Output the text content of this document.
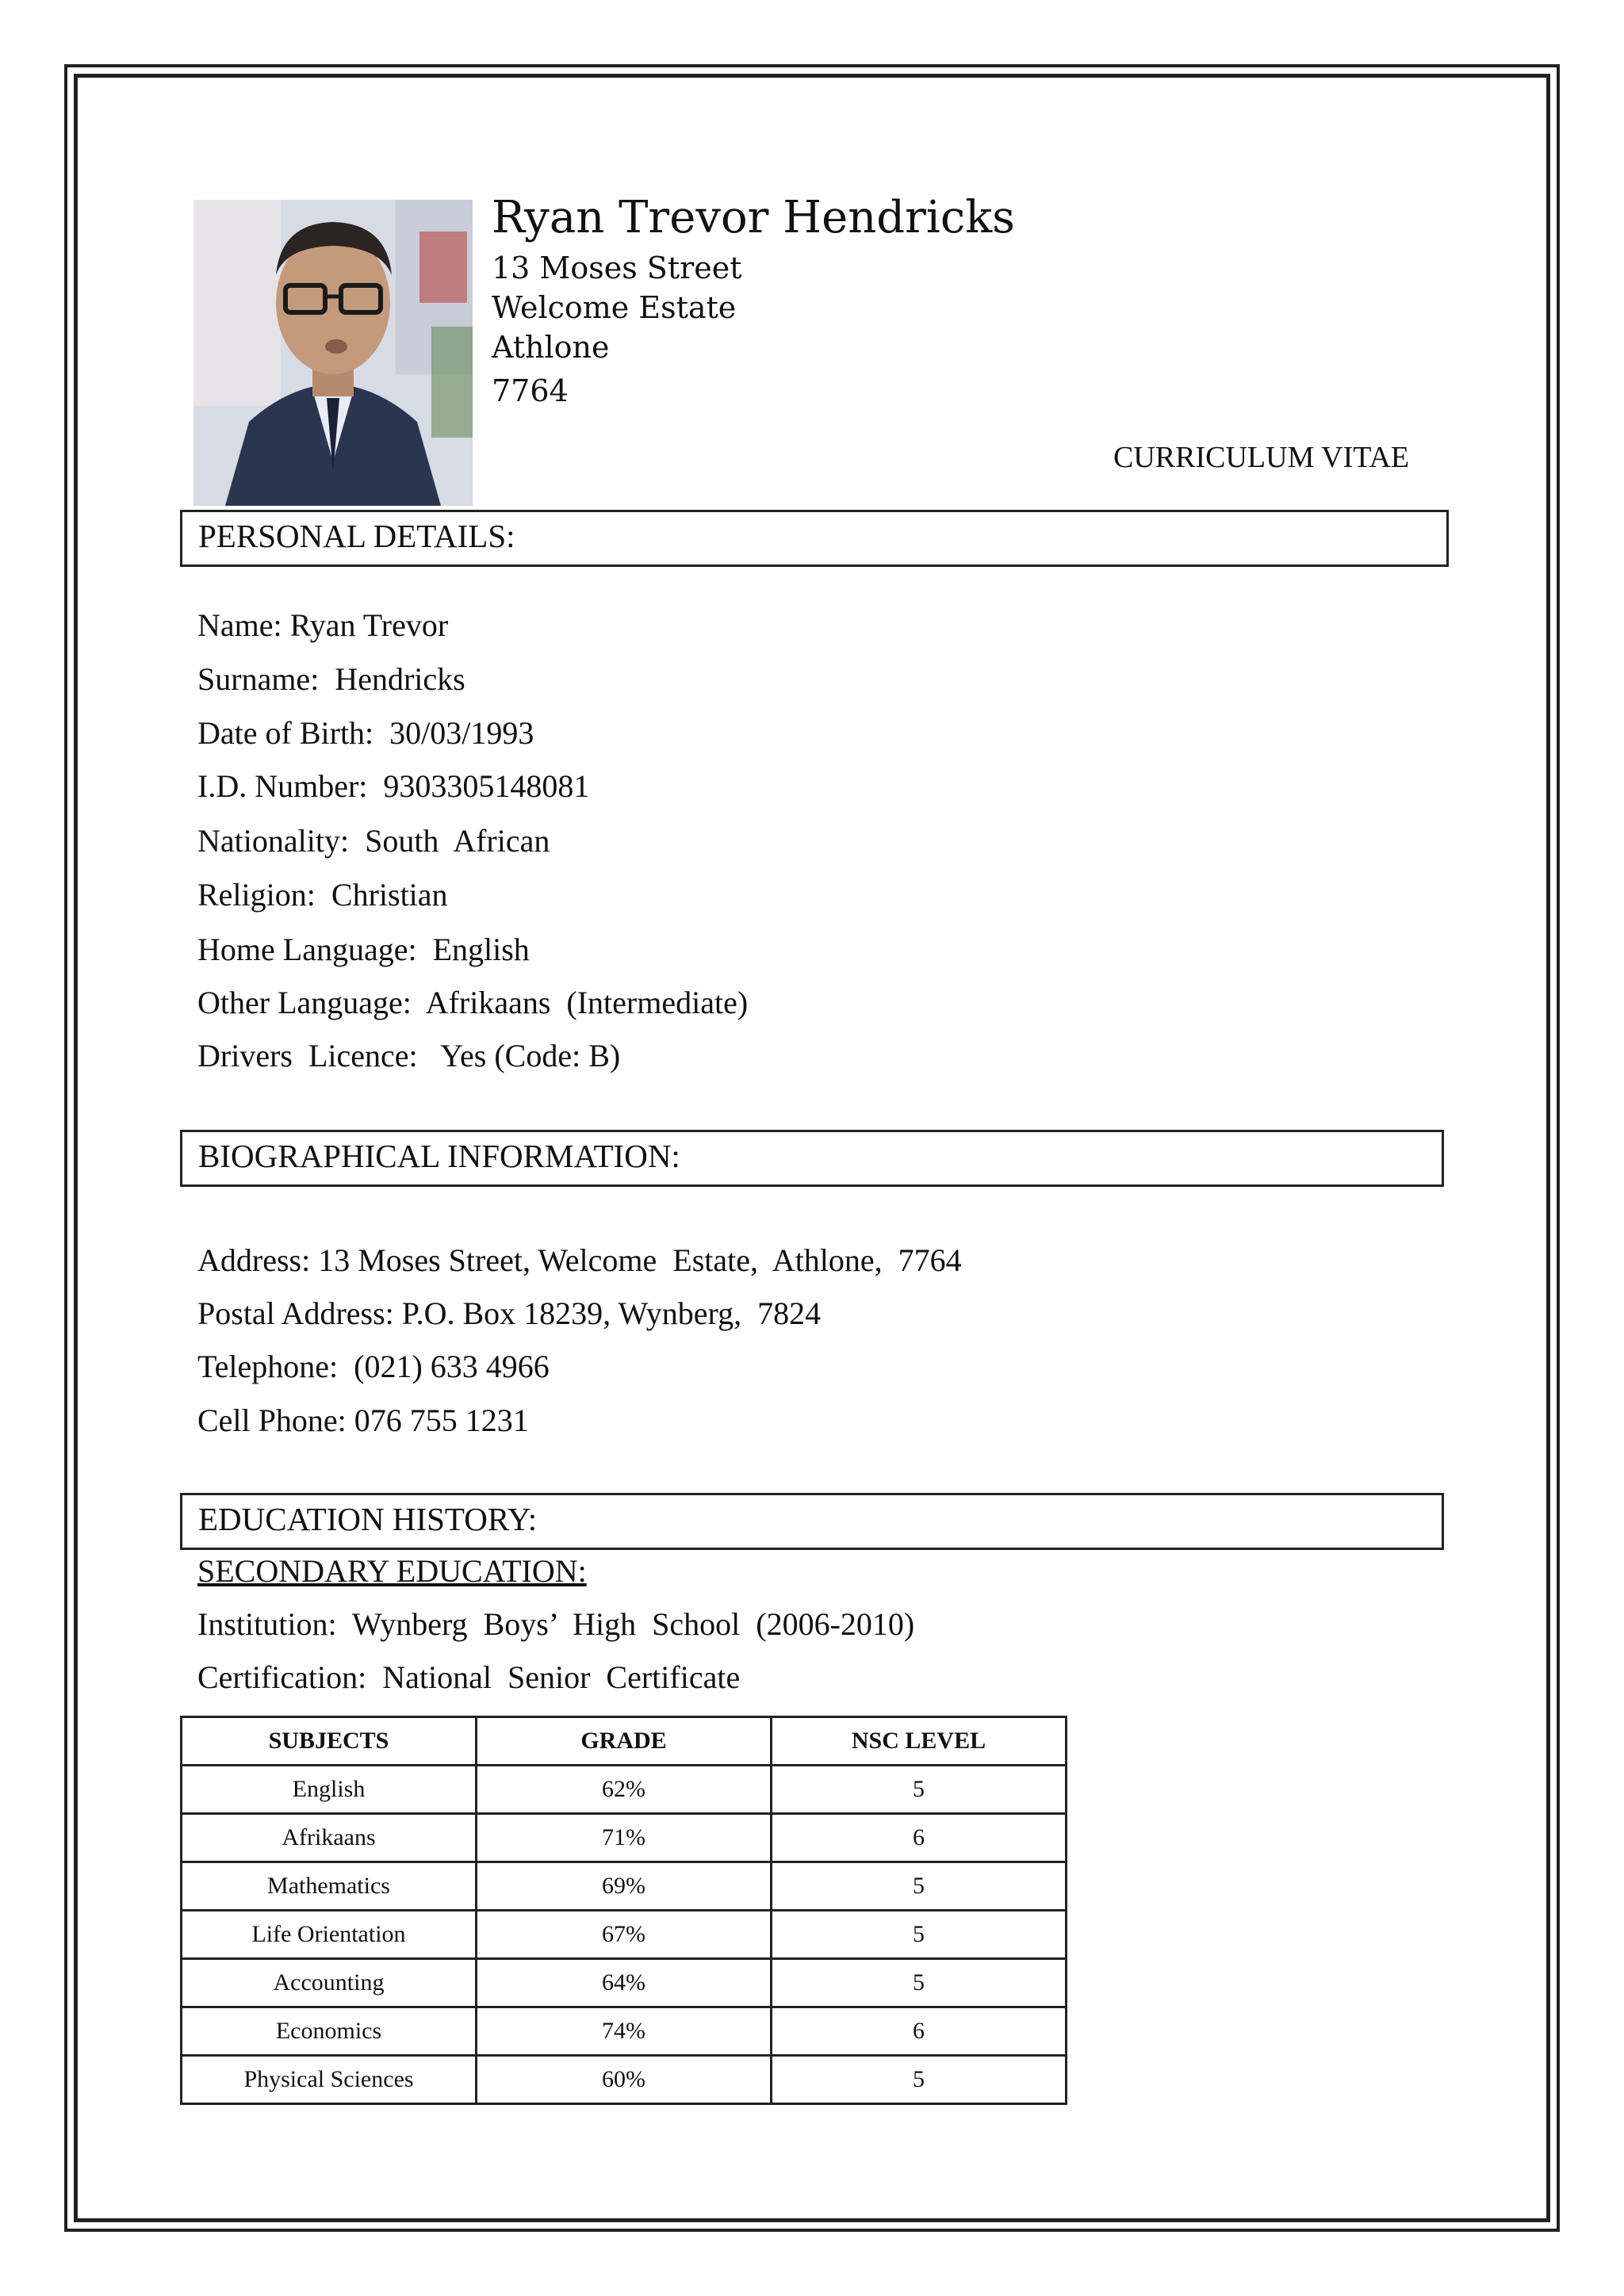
Ryan Trevor Hendricks
13 Moses Street
Welcome Estate
Athlone
7764
CURRICULUM VITAE
PERSONAL DETAILS:
Name: Ryan Trevor
Surname:  Hendricks
Date of Birth:  30/03/1993
I.D. Number:  9303305148081
Nationality:  South  African
Religion:  Christian
Home Language:  English
Other Language:  Afrikaans  (Intermediate)
Drivers  Licence:   Yes (Code: B)
BIOGRAPHICAL INFORMATION:
Address: 13 Moses Street, Welcome  Estate,  Athlone,  7764
Postal Address: P.O. Box 18239, Wynberg,  7824
Telephone:  (021) 633 4966
Cell Phone: 076 755 1231
EDUCATION HISTORY:
SECONDARY EDUCATION:
Institution:  Wynberg  Boys’  High  School  (2006-2010)
Certification:  National  Senior  Certificate
SUBJECTS	GRADE	NSC LEVEL
English	62%	5
Afrikaans	71%	6
Mathematics	69%	5
Life Orientation	67%	5
Accounting	64%	5
Economics	74%	6
Physical Sciences	60%	5
